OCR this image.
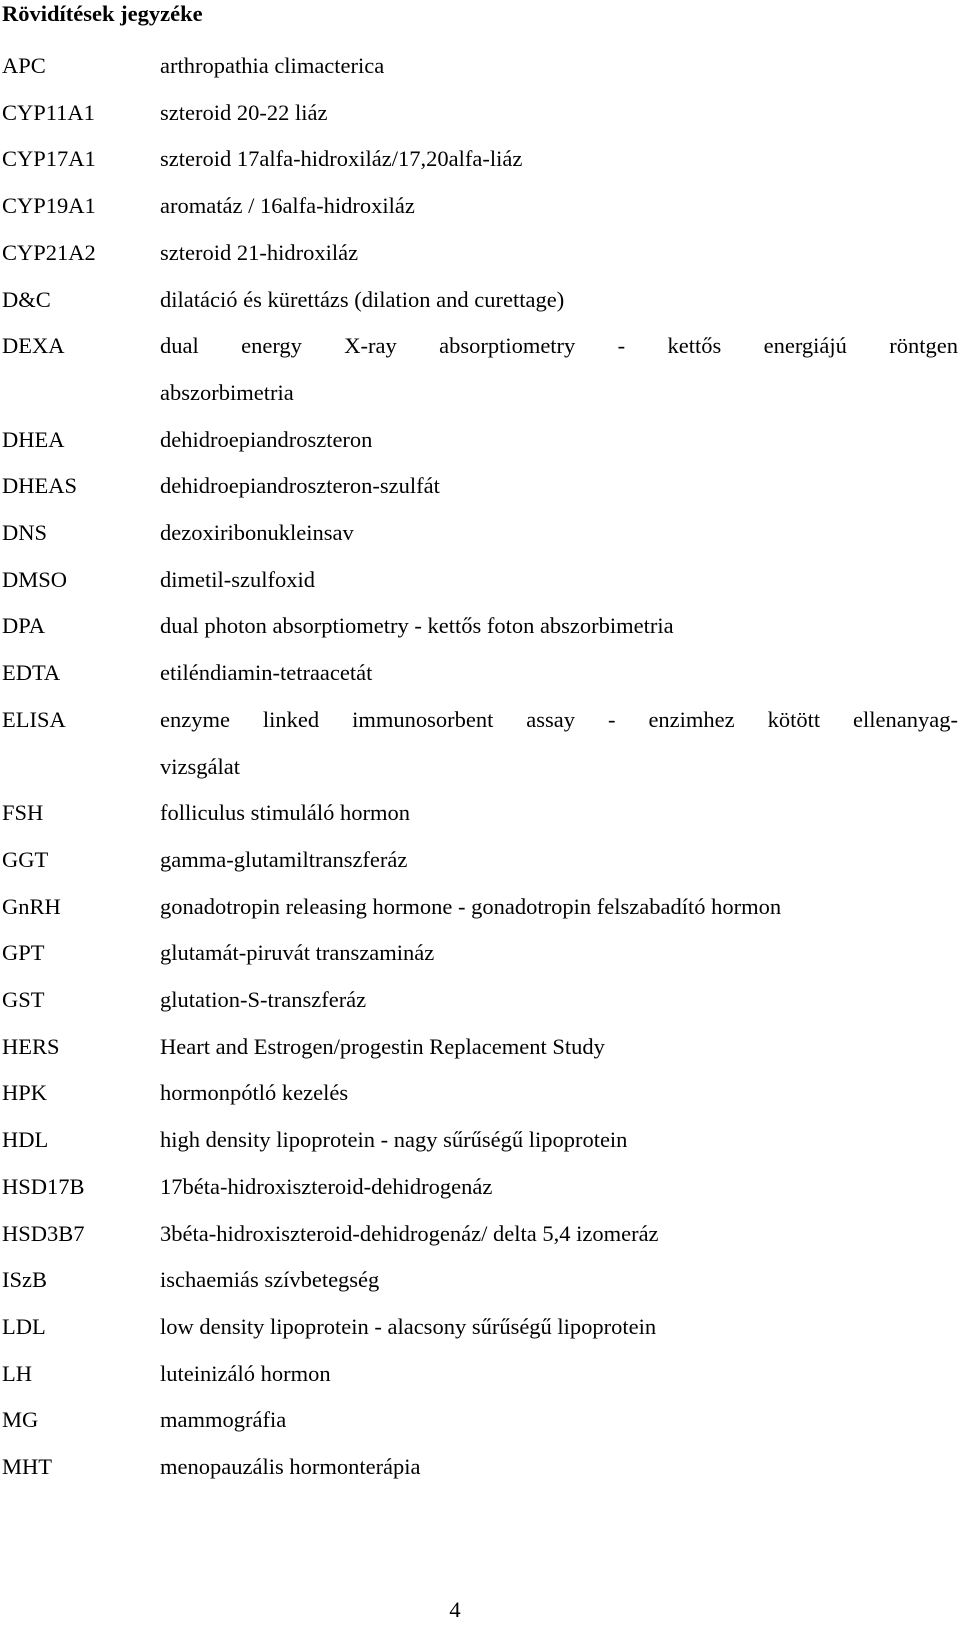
Rövidítések jegyzéke
APC	arthropathia climacterica
CYP11A1	szteroid 20-22 liáz
CYP17A1	szteroid 17alfa-hidroxiláz/17,20alfa-liáz
CYP19A1	aromatáz / 16alfa-hidroxiláz
CYP21A2	szteroid 21-hidroxiláz
D&C	dilatáció és kürettázs (dilation and curettage)
DEXA	dual energy X-ray absorptiometry - kettős energiájú röntgen
abszorbimetria
DHEA	dehidroepiandroszteron
DHEAS	dehidroepiandroszteron-szulfát
DNS	dezoxiribonukleinsav
DMSO	dimetil-szulfoxid
DPA	dual photon absorptiometry - kettős foton abszorbimetria
EDTA	etiléndiamin-tetraacetát
ELISA	enzyme linked immunosorbent assay - enzimhez kötött ellenanyag-
vizsgálat
FSH	folliculus stimuláló hormon
GGT	gamma-glutamiltranszferáz
GnRH	gonadotropin releasing hormone - gonadotropin felszabadító hormon
GPT	glutamát-piruvát transzamináz
GST	glutation-S-transzferáz
HERS	Heart and Estrogen/progestin Replacement Study
HPK	hormonpótló kezelés
HDL	high density lipoprotein - nagy sűrűségű lipoprotein
HSD17B	17béta-hidroxiszteroid-dehidrogenáz
HSD3B7	3béta-hidroxiszteroid-dehidrogenáz/ delta 5,4 izomeráz
ISzB	ischaemiás szívbetegség
LDL	low density lipoprotein - alacsony sűrűségű lipoprotein
LH	luteinizáló hormon
MG	mammográfia
MHT	menopauzális hormonterápia
4
